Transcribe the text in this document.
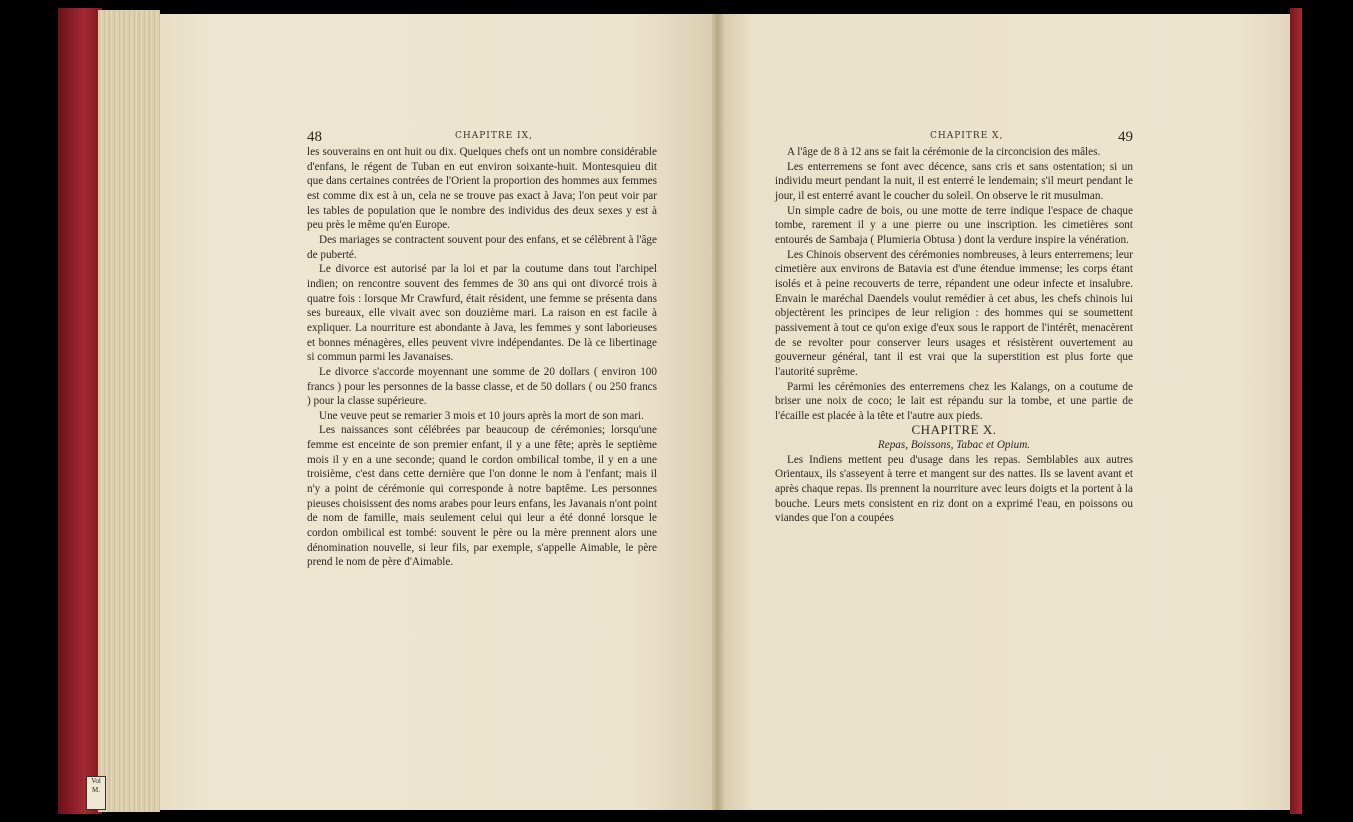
Vol
M.
48	CHAPITRE IX,	49
CHAPITRE X,

les souverains en ont huit ou dix. Quelques chefs ont un nombre considérable d'enfans, le régent de Tuban en eut environ soixante-huit. Montesquieu dit que dans certaines contrées de l'Orient la proportion des hommes aux femmes est comme dix est à un, cela ne se trouve pas exact à Java; l'on peut voir par les tables de population que le nombre des individus des deux sexes y est à peu près le même qu'en Europe.

Des mariages se contractent souvent pour des enfans, et se célèbrent à l'âge de puberté.

Le divorce est autorisé par la loi et par la coutume dans tout l'archipel indien; on rencontre souvent des femmes de 30 ans qui ont divorcé trois à quatre fois : lorsque Mr Crawfurd, était résident, une femme se présenta dans ses bureaux, elle vivait avec son douzième mari. La raison en est facile à expliquer. La nourriture est abondante à Java, les femmes y sont laborieuses et bonnes ménagères, elles peuvent vivre indépendantes. De là ce libertinage si commun parmi les Javanaises.

Le divorce s'accorde moyennant une somme de 20 dollars ( environ 100 francs ) pour les personnes de la basse classe, et de 50 dollars ( ou 250 francs ) pour la classe supérieure.

Une veuve peut se remarier 3 mois et 10 jours après la mort de son mari.

Les naissances sont célébrées par beaucoup de cérémonies; lorsqu'une femme est enceinte de son premier enfant, il y a une fête; après le septième mois il y en a une seconde; quand le cordon ombilical tombe, il y en a une troisième, c'est dans cette dernière que l'on donne le nom à l'enfant; mais il n'y a point de cérémonie qui corresponde à notre baptême. Les personnes pieuses choisissent des noms arabes pour leurs enfans, les Javanais n'ont point de nom de famille, mais seulement celui qui leur a été donné lorsque le cordon ombilical est tombé: souvent le père ou la mère prennent alors une dénomination nouvelle, si leur fils, par exemple, s'appelle Aimable, le père prend le nom de père d'Aimable.

A l'âge de 8 à 12 ans se fait la cérémonie de la circoncision des mâles.

Les enterremens se font avec décence, sans cris et sans ostentation; si un individu meurt pendant la nuit, il est enterré le lendemain; s'il meurt pendant le jour, il est enterré avant le coucher du soleil. On observe le rit musulman.

Un simple cadre de bois, ou une motte de terre indique l'espace de chaque tombe, rarement il y a une pierre ou une inscription. les cimetières sont entourés de Sambaja ( Plumieria Obtusa ) dont la verdure inspire la vénération.

Les Chinois observent des cérémonies nombreuses, à leurs enterremens; leur cimetière aux environs de Batavia est d'une étendue immense; les corps étant isolés et à peine recouverts de terre, répandent une odeur infecte et insalubre. Envain le maréchal Daendels voulut remédier à cet abus, les chefs chinois lui objectèrent les principes de leur religion : des hommes qui se soumettent passivement à tout ce qu'on exige d'eux sous le rapport de l'intérêt, menacèrent de se revolter pour conserver leurs usages et résistèrent ouvertement au gouverneur général, tant il est vrai que la superstition est plus forte que l'autorité suprême.

Parmi les cérémonies des enterremens chez les Kalangs, on a coutume de briser une noix de coco; le lait est répandu sur la tombe, et une partie de l'écaille est placée à la tête et l'autre aux pieds.

CHAPITRE X.

Repas, Boissons, Tabac et Opium.

Les Indiens mettent peu d'usage dans les repas. Semblables aux autres Orientaux, ils s'asseyent à terre et mangent sur des nattes. Ils se lavent avant et après chaque repas. Ils prennent la nourriture avec leurs doigts et la portent à la bouche. Leurs mets consistent en riz dont on a exprimé l'eau, en poissons ou viandes que l'on a coupées
